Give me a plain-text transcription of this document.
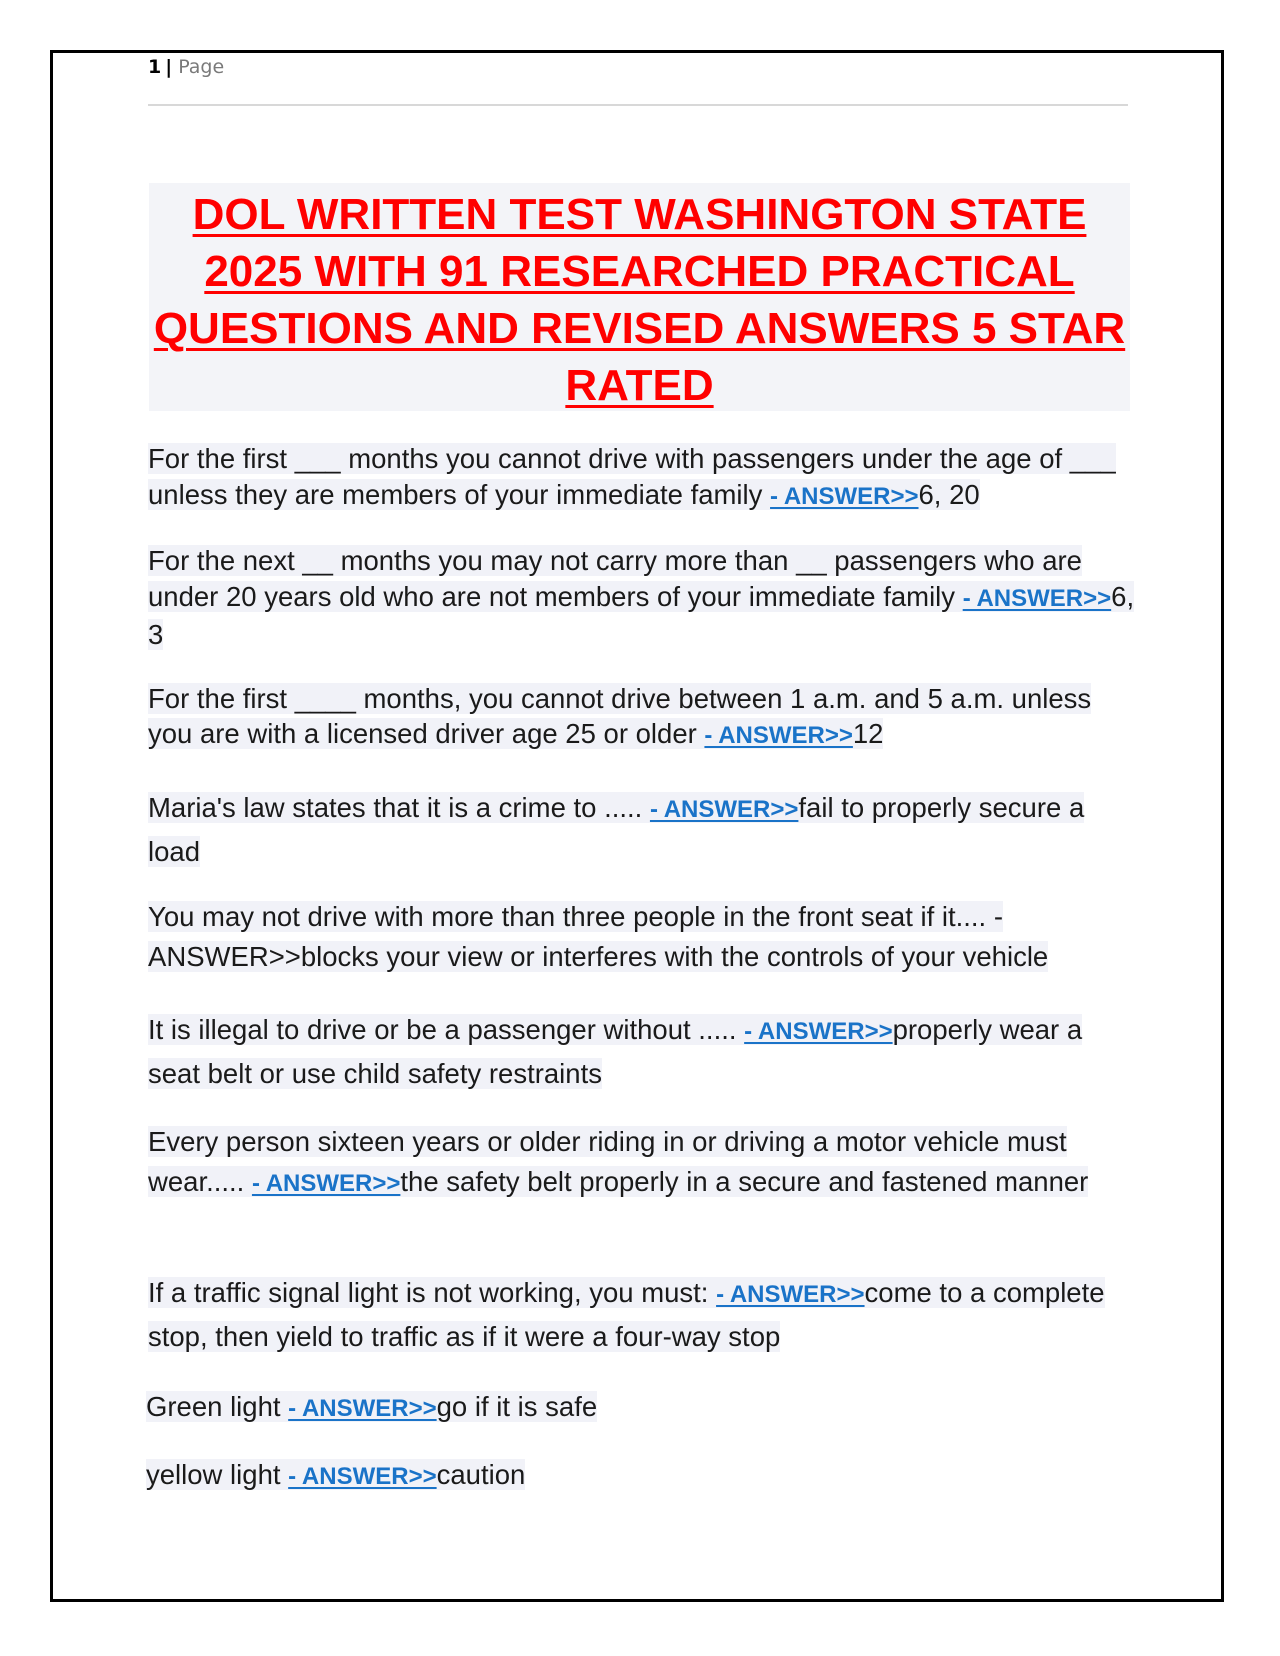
1 | Page
DOL WRITTEN TEST WASHINGTON STATE 2025 WITH 91 RESEARCHED PRACTICAL QUESTIONS AND REVISED ANSWERS 5 STAR RATED

For the first ___ months you cannot drive with passengers under the age of ___ unless they are members of your immediate family - ANSWER>>6, 20

For the next __ months you may not carry more than __ passengers who are under 20 years old who are not members of your immediate family - ANSWER>>6, 3

For the first ____ months, you cannot drive between 1 a.m. and 5 a.m. unless you are with a licensed driver age 25 or older - ANSWER>>12

Maria's law states that it is a crime to ..... - ANSWER>>fail to properly secure a load

You may not drive with more than three people in the front seat if it.... -ANSWER>>blocks your view or interferes with the controls of your vehicle

It is illegal to drive or be a passenger without ..... - ANSWER>>properly wear a seat belt or use child safety restraints

Every person sixteen years or older riding in or driving a motor vehicle must wear..... - ANSWER>>the safety belt properly in a secure and fastened manner

If a traffic signal light is not working, you must: - ANSWER>>come to a complete stop, then yield to traffic as if it were a four-way stop

Green light - ANSWER>>go if it is safe

yellow light - ANSWER>>caution
